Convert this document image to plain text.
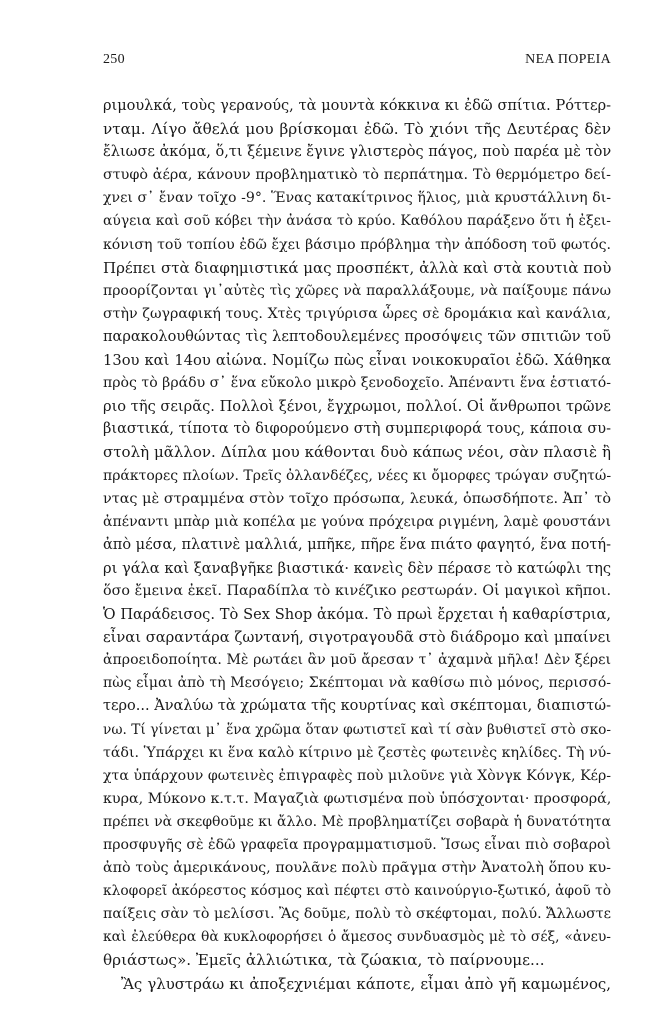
250	ΝΕΑ ΠΟΡΕΙΑ
ριμουλκά, τοὺς γερανούς, τὰ μουντὰ κόκκινα κι ἐδῶ σπίτια. Ρόττερ-
νταμ. Λίγο ἄθελά μου βρίσκομαι ἐδῶ. Τὸ χιόνι τῆς Δευτέρας δὲν
ἔλιωσε ἀκόμα, ὅ,τι ξέμεινε ἔγινε γλιστερὸς πάγος, ποὺ παρέα μὲ τὸν
στυφὸ ἀέρα, κάνουν προβληματικὸ τὸ περπάτημα. Τὸ θερμόμετρο δεί-
χνει σ᾿ ἔναν τοῖχο -9°. Ἕνας κατακίτρινος ἥλιος, μιὰ κρυστάλλινη δι-
αύγεια καὶ σοῦ κόβει τὴν ἀνάσα τὸ κρύο. Καθόλου παράξενο ὅτι ἡ ἐξει-
κόνιση τοῦ τοπίου ἐδῶ ἔχει βάσιμο πρόβλημα τὴν ἀπόδοση τοῦ φωτός.
Πρέπει στὰ διαφημιστικά μας προσπέκτ, ἀλλὰ καὶ στὰ κουτιὰ ποὺ
προορίζονται γι᾿αὐτὲς τὶς χῶρες νὰ παραλλάξουμε, νὰ παίξουμε πάνω
στὴν ζωγραφική τους. Χτὲς τριγύρισα ὧρες σὲ δρομάκια καὶ κανάλια,
παρακολουθώντας τὶς λεπτοδουλεμένες προσόψεις τῶν σπιτιῶν τοῦ
13ου καὶ 14ου αἰώνα. Νομίζω πὼς εἶναι νοικοκυραῖοι ἐδῶ. Χάθηκα
πρὸς τὸ βράδυ σ᾿ ἕνα εὔκολο μικρὸ ξενοδοχεῖο. Ἀπέναντι ἕνα ἑστιατό-
ριο τῆς σειρᾶς. Πολλοὶ ξένοι, ἔγχρωμοι, πολλοί. Οἱ ἄνθρωποι τρῶνε
βιαστικά, τίποτα τὸ διφορούμενο στὴ συμπεριφορά τους, κάποια συ-
στολὴ μᾶλλον. Δίπλα μου κάθονται δυὸ κάπως νέοι, σὰν πλασιὲ ἢ
πράκτορες πλοίων. Τρεῖς ὀλλανδέζες, νέες κι ὄμορφες τρώγαν συζητώ-
ντας μὲ στραμμένα στὸν τοῖχο πρόσωπα, λευκά, ὁπωσδήποτε. Ἀπ᾿ τὸ
ἀπέναντι μπὰρ μιὰ κοπέλα με γούνα πρόχειρα ριγμένη, λαμὲ φουστάνι
ἀπὸ μέσα, πλατινὲ μαλλιά, μπῆκε, πῆρε ἕνα πιάτο φαγητό, ἕνα ποτή-
ρι γάλα καὶ ξαναβγῆκε βιαστικά· κανεὶς δὲν πέρασε τὸ κατώφλι της
ὅσο ἔμεινα ἐκεῖ. Παραδίπλα τὸ κινέζικο ρεστωράν. Οἱ μαγικοὶ κῆποι.
Ὁ Παράδεισος. Τὸ Sex Shop ἀκόμα. Τὸ πρωὶ ἔρχεται ἡ καθαρίστρια,
εἶναι σαραντάρα ζωντανή, σιγοτραγουδᾶ στὸ διάδρομο καὶ μπαίνει
ἀπροειδοποίητα. Μὲ ρωτάει ἂν μοῦ ἄρεσαν τ᾿ ἀχαμνὰ μῆλα! Δὲν ξέρει
πὼς εἶμαι ἀπὸ τὴ Μεσόγειο; Σκέπτομαι νὰ καθίσω πιὸ μόνος, περισσό-
τερο... Ἀναλύω τὰ χρώματα τῆς κουρτίνας καὶ σκέπτομαι, διαπιστώ-
νω. Τί γίνεται μ᾿ ἕνα χρῶμα ὅταν φωτιστεῖ καὶ τί σὰν βυθιστεῖ στὸ σκο-
τάδι. Ὑπάρχει κι ἕνα καλὸ κίτρινο μὲ ζεστὲς φωτεινὲς κηλίδες. Τὴ νύ-
χτα ὑπάρχουν φωτεινὲς ἐπιγραφὲς ποὺ μιλοῦνε γιὰ Χὸνγκ Κόνγκ, Κέρ-
κυρα, Μύκονο κ.τ.τ. Μαγαζιὰ φωτισμένα ποὺ ὑπόσχονται· προσφορά,
πρέπει νὰ σκεφθοῦμε κι ἄλλο. Μὲ προβληματίζει σοβαρὰ ἡ δυνατότητα
προσφυγῆς σὲ ἐδῶ γραφεῖα προγραμματισμοῦ. Ἴσως εἶναι πιὸ σοβαροὶ
ἀπὸ τοὺς ἀμερικάνους, πουλᾶνε πολὺ πρᾶγμα στὴν Ἀνατολὴ ὅπου κυ-
κλοφορεῖ ἀκόρεστος κόσμος καὶ πέφτει στὸ καινούργιο-ξωτικό, ἀφοῦ τὸ
παίξεις σὰν τὸ μελίσσι. Ἂς δοῦμε, πολὺ τὸ σκέφτομαι, πολύ. Ἄλλωστε
καὶ ἐλεύθερα θὰ κυκλοφορήσει ὁ ἄμεσος συνδυασμὸς μὲ τὸ σέξ, «ἀνευ-
θριάστως». Ἐμεῖς ἀλλιώτικα, τὰ ζώακια, τὸ παίρνουμε...
Ἂς γλυστράω κι ἀποξεχνιέμαι κάποτε, εἶμαι ἀπὸ γῆ καμωμένος,
